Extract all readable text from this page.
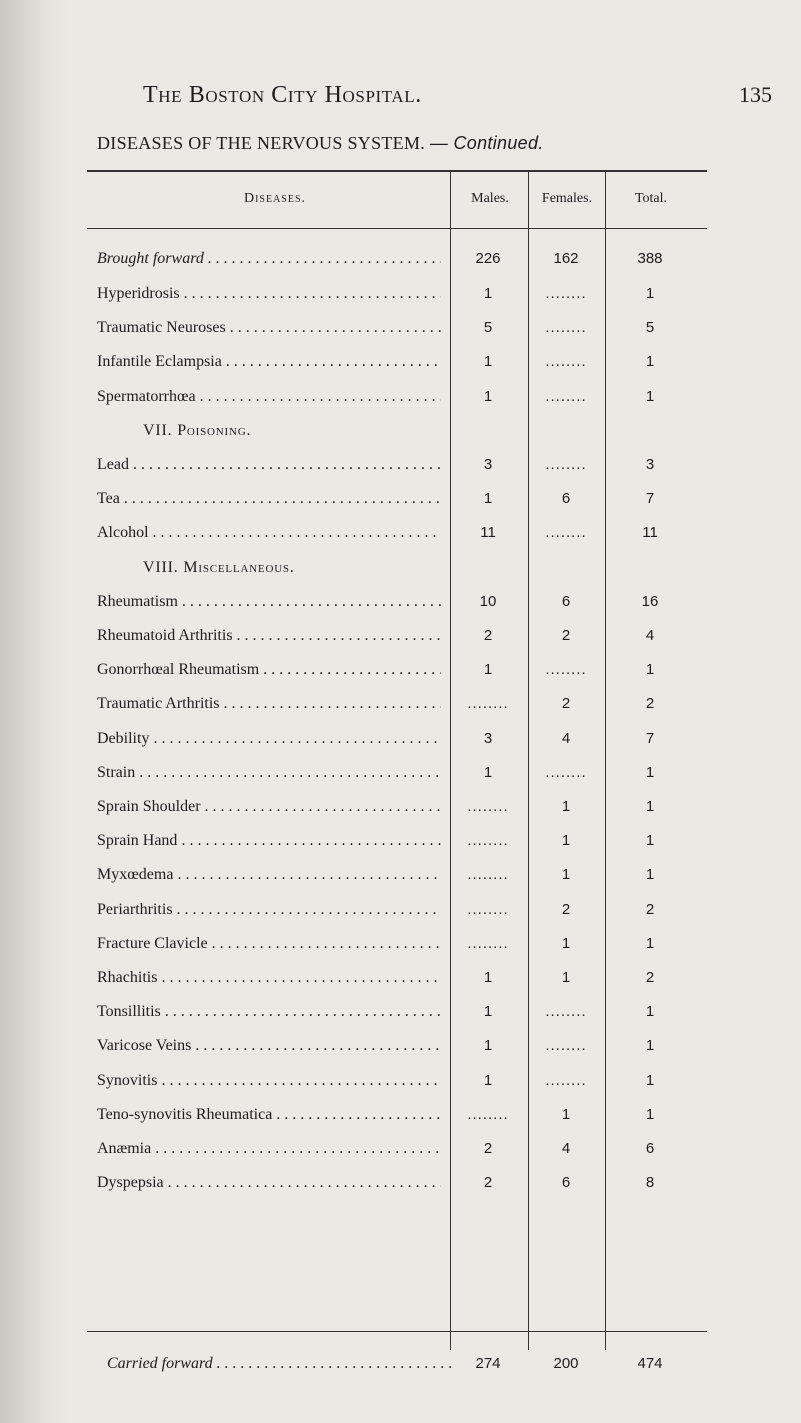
The Boston City Hospital.	135
DISEASES OF THE NERVOUS SYSTEM. — Continued.
Diseases.	Males. Females.	Total.
Brought forward . . .	226	162	388
Hyperidrosis . . .	1	........	1
Traumatic Neuroses . . .	5	........	5
Infantile Eclampsia . . .	1	........	1
Spermatorrhœa . . .	1	........	1
VII. Poisoning.
Lead . . .	3	........	3
Tea . . .	1	6	7
Alcohol . . .	11	........	11
VIII. Miscellaneous.
Rheumatism . . .	10	6	16
Rheumatoid Arthritis . . .	2	2	4
Gonorrhœal Rheumatism . . .	1	........	1
Traumatic Arthritis . . .	........	2	2
Debility . . .	3	4	7
Strain . . .	1	........	1
Sprain Shoulder . . .	........	1	1
Sprain Hand . . .	........	1	1
Myxœdema . . .	........	1	1
Periarthritis . . .	........	2	2
Fracture Clavicle . . .	........	1	1
Rhachitis . . .	1	1	2
Tonsillitis . . .	1	........	1
Varicose Veins . . .	1	........	1
Synovitis . . .	1	........	1
Teno-synovitis Rheumatica . . .	........	1	1
Anæmia . . .	2	4	6
Dyspepsia . . .	2	6	8
Carried forward . . .	274	200	474
